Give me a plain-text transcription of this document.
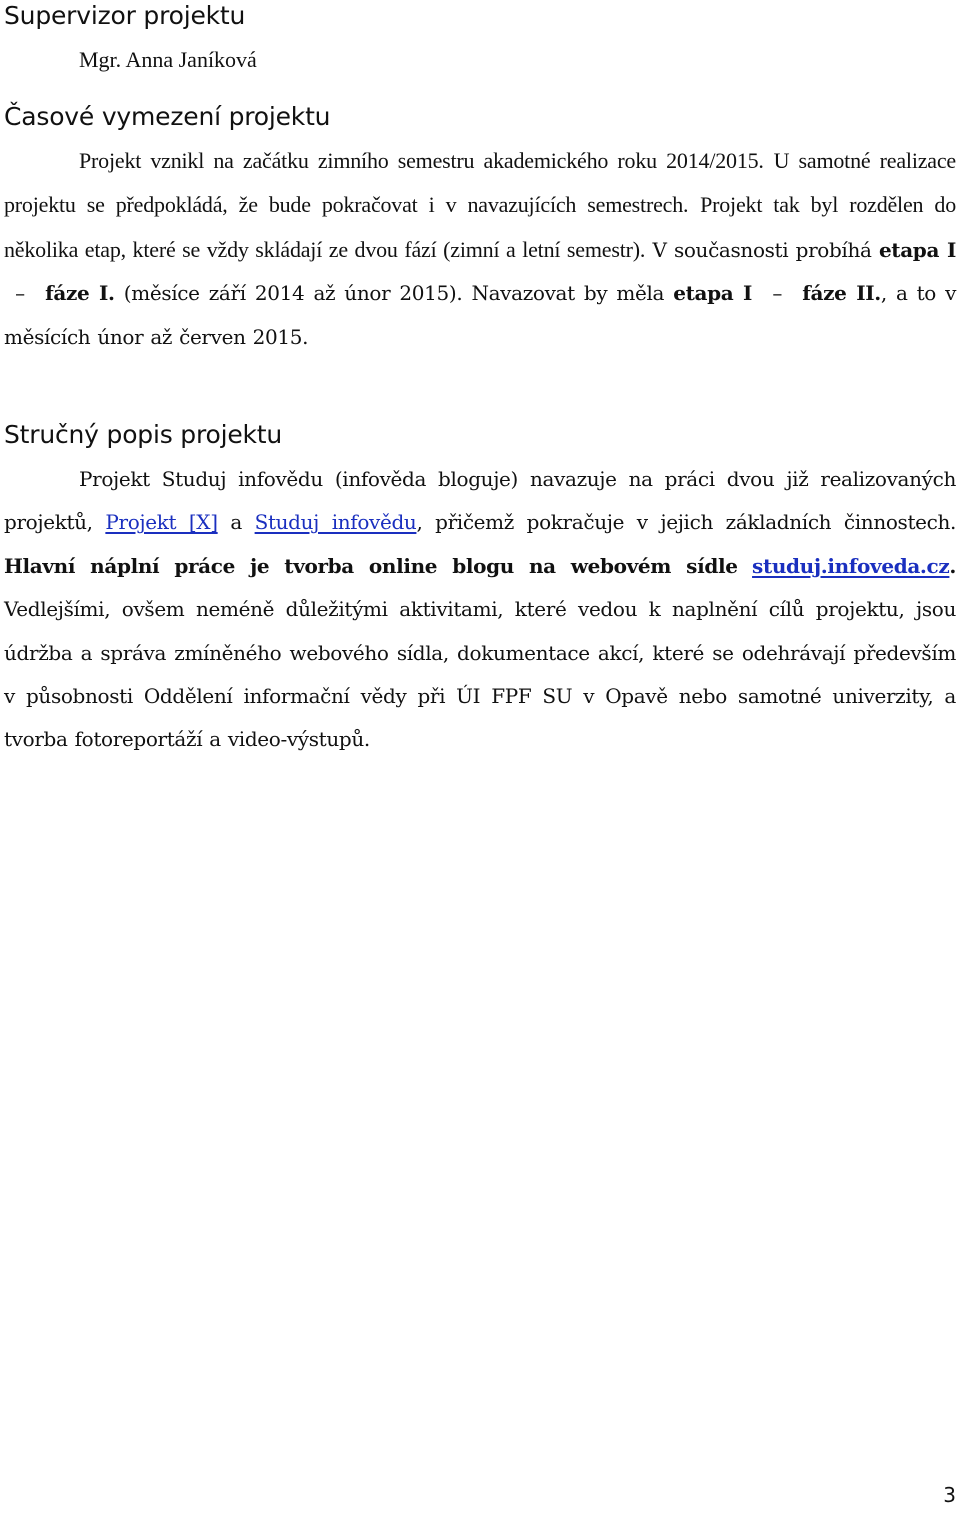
Supervizor projektu
Mgr. Anna Janíková
Časové vymezení projektu

Projekt vznikl na začátku zimního semestru akademického roku 2014/2015. U samotné realizace projektu se předpokládá, že bude pokračovat i v navazujících semestrech. Projekt tak byl rozdělen do několika etap, které se vždy skládají ze dvou fází (zimní a letní semestr). V současnosti probíhá etapa I – fáze I. (měsíce září 2014 až únor 2015). Navazovat by měla etapa I – fáze II., a to v měsících únor až červen 2015.

Stručný popis projektu

Projekt Studuj infovědu (infověda bloguje) navazuje na práci dvou již realizovaných projektů, Projekt [X] a Studuj infovědu, přičemž pokračuje v jejich základních činnostech. Hlavní náplní práce je tvorba online blogu na webovém sídle studuj.infoveda.cz. Vedlejšími, ovšem neméně důležitými aktivitami, které vedou k naplnění cílů projektu, jsou údržba a správa zmíněného webového sídla, dokumentace akcí, které se odehrávají především v působnosti Oddělení informační vědy při ÚI FPF SU v Opavě nebo samotné univerzity, a tvorba fotoreportáží a video-výstupů.

3
